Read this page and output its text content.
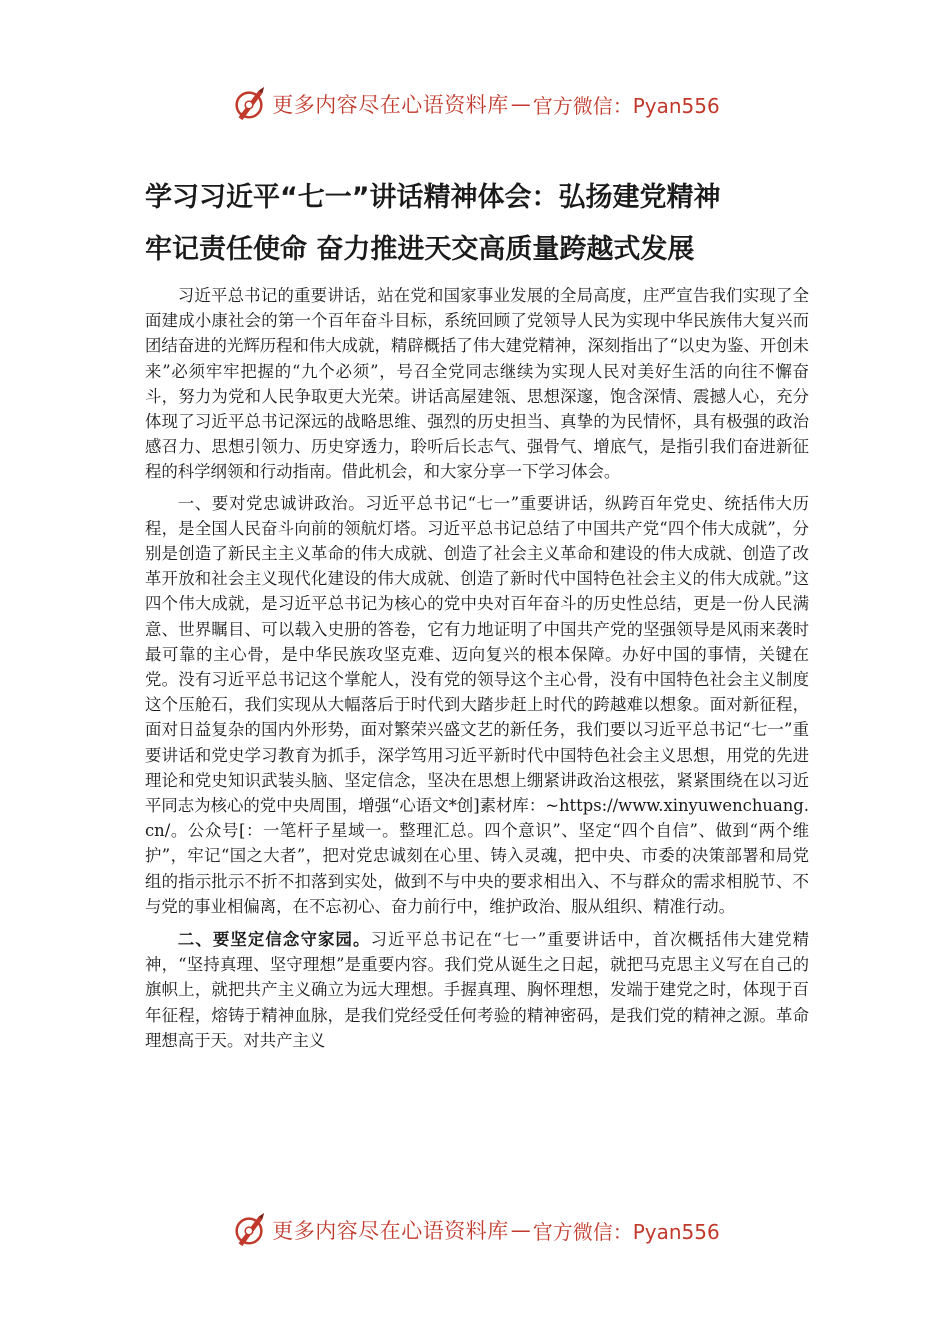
更多内容尽在心语资料库 — 官方微信：Pyan556
学习习近平“七一”讲话精神体会：弘扬建党精神
牢记责任使命 奋力推进天交高质量跨越式发展

习近平总书记的重要讲话，站在党和国家事业发展的全局高度，庄严宣告我们实现了全面建成小康社会的第一个百年奋斗目标，系统回顾了党领导人民为实现中华民族伟大复兴而团结奋进的光辉历程和伟大成就，精辟概括了伟大建党精神，深刻指出了“以史为鉴、开创未来”必须牢牢把握的“九个必须”，号召全党同志继续为实现人民对美好生活的向往不懈奋斗，努力为党和人民争取更大光荣。讲话高屋建瓴、思想深邃，饱含深情、震撼人心，充分体现了习近平总书记深远的战略思维、强烈的历史担当、真挚的为民情怀，具有极强的政治感召力、思想引领力、历史穿透力，聆听后长志气、强骨气、增底气，是指引我们奋进新征程的科学纲领和行动指南。借此机会，和大家分享一下学习体会。

一、要对党忠诚讲政治。习近平总书记“七一”重要讲话，纵跨百年党史、统括伟大历程，是全国人民奋斗向前的领航灯塔。习近平总书记总结了中国共产党“四个伟大成就”，分别是创造了新民主主义革命的伟大成就、创造了社会主义革命和建设的伟大成就、创造了改革开放和社会主义现代化建设的伟大成就、创造了新时代中国特色社会主义的伟大成就。”这四个伟大成就，是习近平总书记为核心的党中央对百年奋斗的历史性总结，更是一份人民满意、世界瞩目、可以载入史册的答卷，它有力地证明了中国共产党的坚强领导是风雨来袭时最可靠的主心骨，是中华民族攻坚克难、迈向复兴的根本保障。办好中国的事情，关键在党。没有习近平总书记这个掌舵人，没有党的领导这个主心骨，没有中国特色社会主义制度这个压舱石，我们实现从大幅落后于时代到大踏步赶上时代的跨越难以想象。面对新征程，面对日益复杂的国内外形势，面对繁荣兴盛文艺的新任务，我们要以习近平总书记“七一”重要讲话和党史学习教育为抓手，深学笃用习近平新时代中国特色社会主义思想，用党的先进理论和党史知识武装头脑、坚定信念，坚决在思想上绷紧讲政治这根弦，紧紧围绕在以习近平同志为核心的党中央周围，增强“心语文*创]素材库：~https://www.xinyuwenchuang.cn/。公众号[：一笔杆子星域一。整理汇总。四个意识”、坚定“四个自信”、做到“两个维护”，牢记“国之大者”，把对党忠诚刻在心里、铸入灵魂，把中央、市委的决策部署和局党组的指示批示不折不扣落到实处，做到不与中央的要求相出入、不与群众的需求相脱节、不与党的事业相偏离，在不忘初心、奋力前行中，维护政治、服从组织、精准行动。

二、要坚定信念守家园。习近平总书记在“七一”重要讲话中，首次概括伟大建党精神，“坚持真理、坚守理想”是重要内容。我们党从诞生之日起，就把马克思主义写在自己的旗帜上，就把共产主义确立为远大理想。手握真理、胸怀理想，发端于建党之时，体现于百年征程，熔铸于精神血脉，是我们党经受任何考验的精神密码，是我们党的精神之源。革命理想高于天。对共产主义

更多内容尽在心语资料库 — 官方微信：Pyan556
